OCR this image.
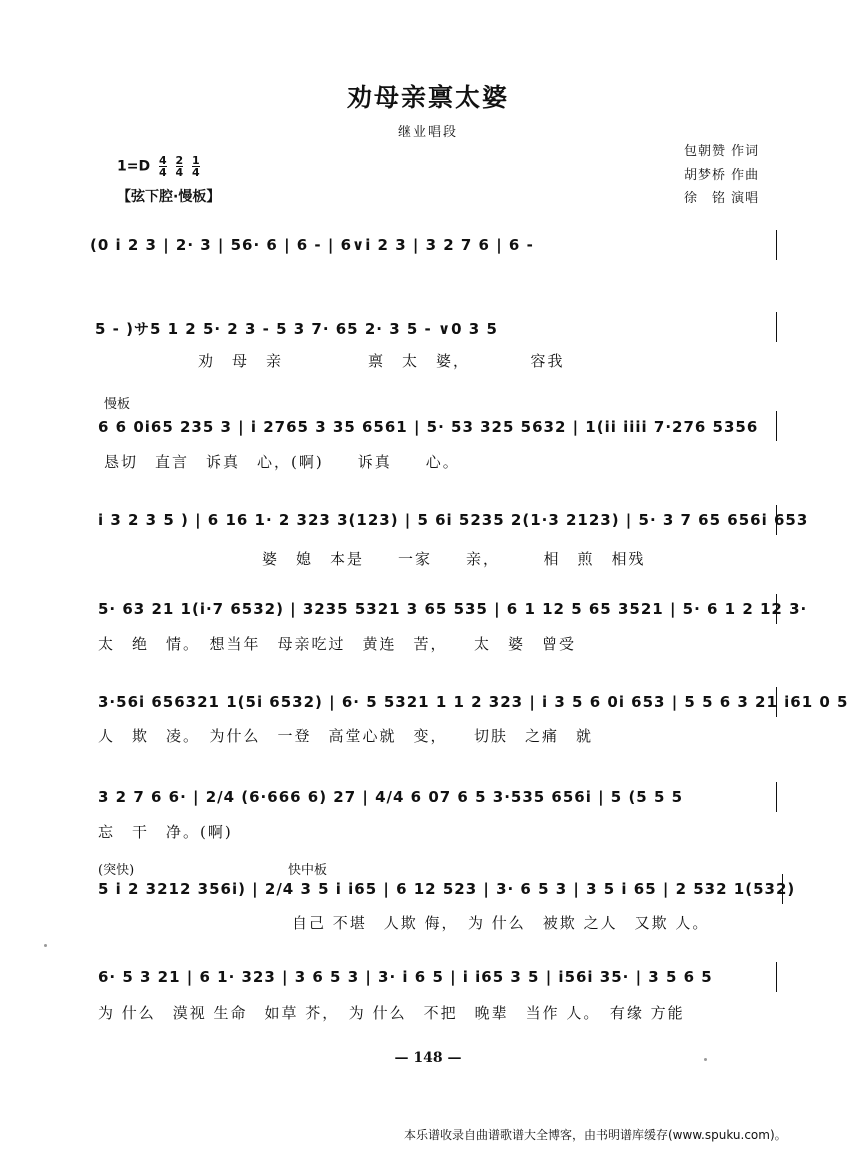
劝母亲禀太婆
继业唱段
包朝赞 作词
胡梦桥 作曲
徐　铭 演唱
$1=D \frac{4}{4}$
$\frac{2}{4}$
$\frac{1}{4}$
【弦下腔·慢板】
(0 i 2 3 | 2· 3 | 56· 6 | 6 - | 6∨i 2 3 | 3 2 7 6 | 6 -
5 - )サ5 1 2 5· 2 3 - 5 3 7· 65 2· 3 5 - ∨0 3 5
劝　母　亲　　　　　禀　太　婆，　　　　容我
慢板
6 6 0i65 235 3 | i 2765 3 35 6561 | 5· 53 325 5632 | 1(ii iiii 7·276 5356
恳切　直言　诉真　心，(啊)　　诉真　　心。
i 3 2 3 5 ) | 6 16 1· 2 323 3(123) | 5 6i 5235 2(1·3 2123) | 5· 3 7 65 656i 653
婆　媳　本是　　一家　　亲，　　　相　煎　相残
5· 63 21 1(i·7 6532) | 3235 5321 3 65 535 | 6 1 12 5 65 3521 | 5· 6 1 2 12 3·
太　绝　情。　想当年　母亲吃过　黄连　苦，　　太　婆　曾受
3·56i 656321 1(5i 6532) | 6· 5 5321 1 1 2 323 | i 3 5 6 0i 653 | 5 5 6 3 21 i61 0 5
人　欺　凌。　为什么　一登　高堂心就　变，　　切肤　之痛　就
3 2 7 6 6· | 2/4 (6·666 6) 27 | 4/4 6 07 6 5 3·535 656i | 5 (5 5 5
忘　干　净。(啊)
(突快)	快中板
5 i 2 3212 356i) | 2/4 3 5 i i65 | 6 12 523 | 3· 6 5 3 | 3 5 i 65 | 2 532 1(532)
自己 不堪　人欺 侮，　为 什么　被欺 之人　又欺 人。
6· 5 3 21 | 6 1· 323 | 3 6 5 3 | 3· i 6 5 | i i65 3 5 | i56i 35· | 3 5 6 5
为 什么　漠视 生命　如草 芥，　为 什么　不把　晚辈　当作 人。　有缘 方能
— 148 —
本乐谱收录自曲谱歌谱大全博客，由书明谱库缓存(www.spuku.com)。
